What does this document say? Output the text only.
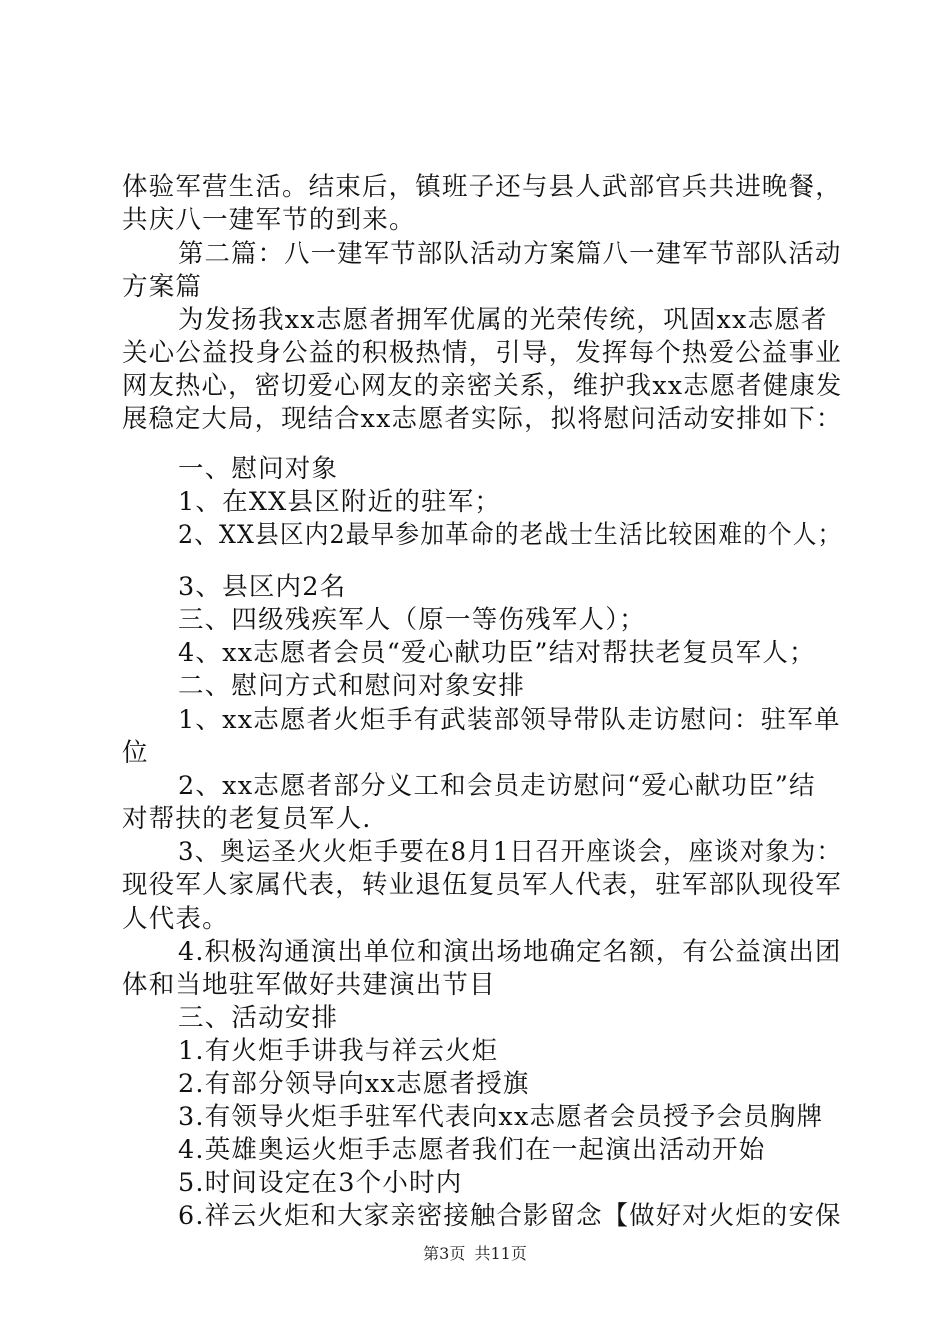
体验军营生活。结束后，镇班子还与县人武部官兵共进晚餐，
共庆八一建军节的到来。
第二篇：八一建军节部队活动方案篇八一建军节部队活动
方案篇
为发扬我xx志愿者拥军优属的光荣传统，巩固xx志愿者
关心公益投身公益的积极热情，引导，发挥每个热爱公益事业
网友热心，密切爱心网友的亲密关系，维护我xx志愿者健康发
展稳定大局，现结合xx志愿者实际，拟将慰问活动安排如下：
一、慰问对象
1、在XX县区附近的驻军；
2、XX县区内2最早参加革命的老战士生活比较困难的个人；
3、县区内2名
三、四级残疾军人（原一等伤残军人）；
4、xx志愿者会员“爱心献功臣”结对帮扶老复员军人；
二、慰问方式和慰问对象安排
1、xx志愿者火炬手有武装部领导带队走访慰问：驻军单
位
2、xx志愿者部分义工和会员走访慰问“爱心献功臣”结
对帮扶的老复员军人.
3、奥运圣火火炬手要在8月1日召开座谈会，座谈对象为：
现役军人家属代表，转业退伍复员军人代表，驻军部队现役军
人代表。
4.积极沟通演出单位和演出场地确定名额，有公益演出团
体和当地驻军做好共建演出节目
三、活动安排
1.有火炬手讲我与祥云火炬
2.有部分领导向xx志愿者授旗
3.有领导火炬手驻军代表向xx志愿者会员授予会员胸牌
4.英雄奥运火炬手志愿者我们在一起演出活动开始
5.时间设定在3个小时内
6.祥云火炬和大家亲密接触合影留念【做好对火炬的安保
第3页 共11页
